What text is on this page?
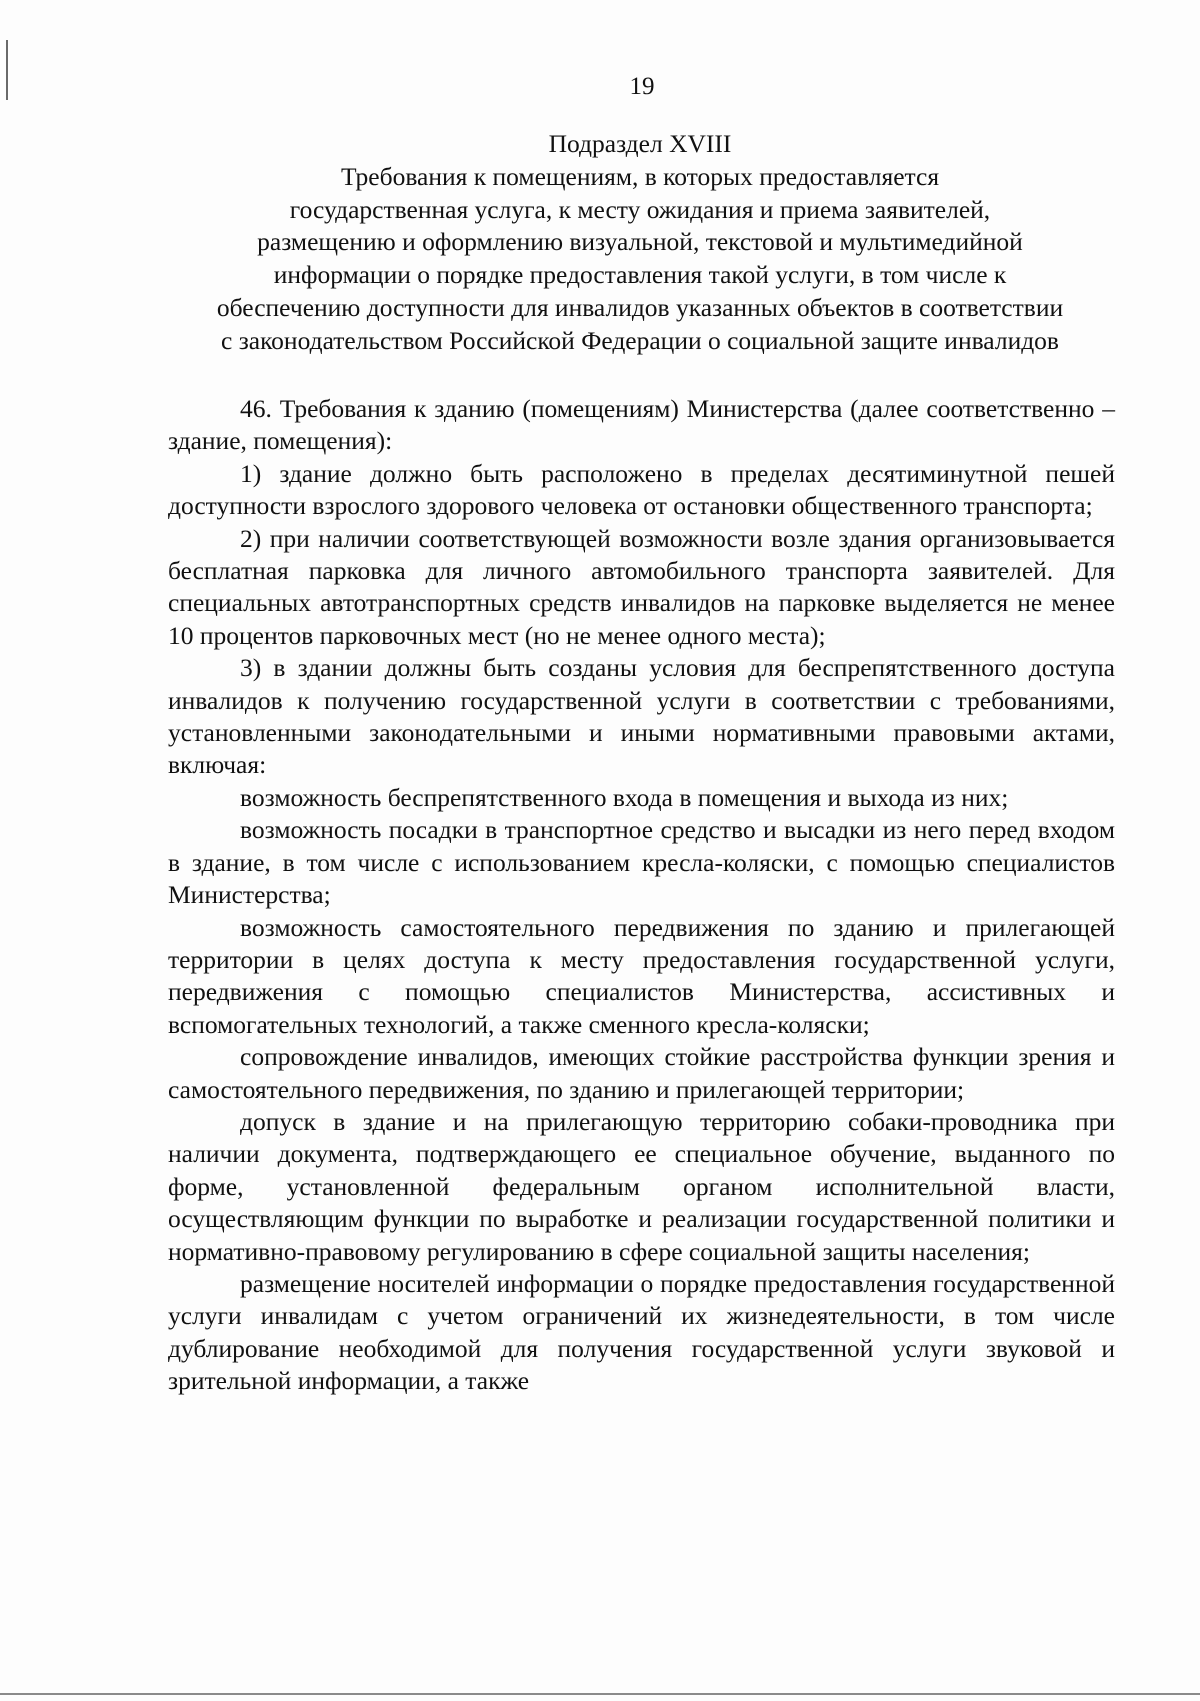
19
Подраздел XVIII
Требования к помещениям, в которых предоставляется
государственная услуга, к месту ожидания и приема заявителей,
размещению и оформлению визуальной, текстовой и мультимедийной
информации о порядке предоставления такой услуги, в том числе к
обеспечению доступности для инвалидов указанных объектов в соответствии
с законодательством Российской Федерации о социальной защите инвалидов

46. Требования к зданию (помещениям) Министерства (далее соответственно – здание, помещения):

1) здание должно быть расположено в пределах десятиминутной пешей доступности взрослого здорового человека от остановки общественного транспорта;

2) при наличии соответствующей возможности возле здания организовывается бесплатная парковка для личного автомобильного транспорта заявителей. Для специальных автотранспортных средств инвалидов на парковке выделяется не менее 10 процентов парковочных мест (но не менее одного места);

3) в здании должны быть созданы условия для беспрепятственного доступа инвалидов к получению государственной услуги в соответствии с требованиями, установленными законодательными и иными нормативными правовыми актами, включая:

возможность беспрепятственного входа в помещения и выхода из них;

возможность посадки в транспортное средство и высадки из него перед входом в здание, в том числе с использованием кресла-коляски, с помощью специалистов Министерства;

возможность самостоятельного передвижения по зданию и прилегающей территории в целях доступа к месту предоставления государственной услуги, передвижения с помощью специалистов Министерства, ассистивных и вспомогательных технологий, а также сменного кресла-коляски;

сопровождение инвалидов, имеющих стойкие расстройства функции зрения и самостоятельного передвижения, по зданию и прилегающей территории;

допуск в здание и на прилегающую территорию собаки-проводника при наличии документа, подтверждающего ее специальное обучение, выданного по форме, установленной федеральным органом исполнительной власти, осуществляющим функции по выработке и реализации государственной политики и нормативно-правовому регулированию в сфере социальной защиты населения;

размещение носителей информации о порядке предоставления государственной услуги инвалидам с учетом ограничений их жизнедеятельности, в том числе дублирование необходимой для получения государственной услуги звуковой и зрительной информации, а также
